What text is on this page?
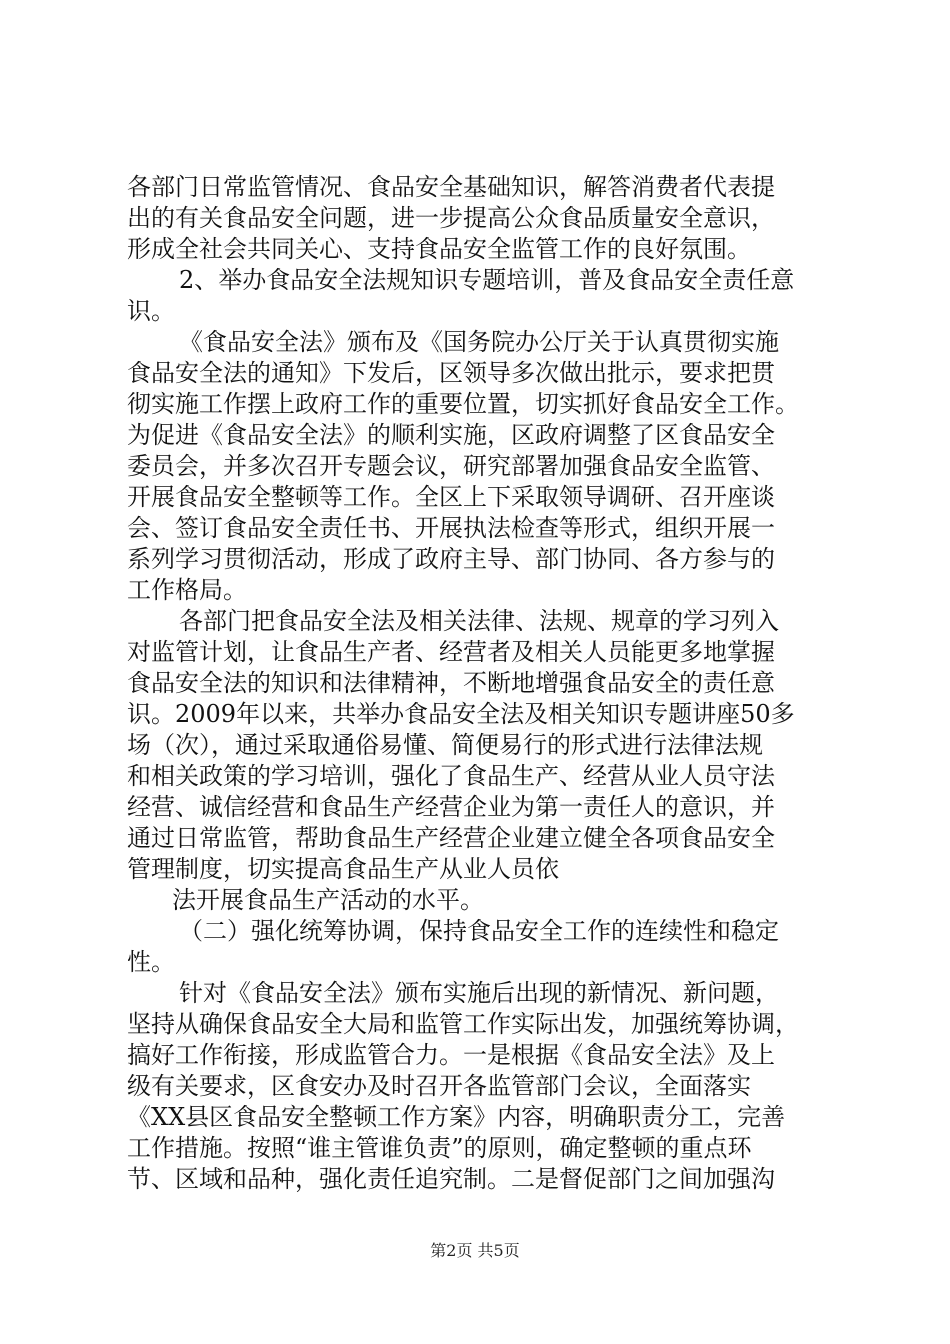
各部门日常监管情况、食品安全基础知识，解答消费者代表提
出的有关食品安全问题，进一步提高公众食品质量安全意识，
形成全社会共同关心、支持食品安全监管工作的良好氛围。
2、举办食品安全法规知识专题培训，普及食品安全责任意
识。
《食品安全法》颁布及《国务院办公厅关于认真贯彻实施
食品安全法的通知》下发后，区领导多次做出批示，要求把贯
彻实施工作摆上政府工作的重要位置，切实抓好食品安全工作。
为促进《食品安全法》的顺利实施，区政府调整了区食品安全
委员会，并多次召开专题会议，研究部署加强食品安全监管、
开展食品安全整顿等工作。全区上下采取领导调研、召开座谈
会、签订食品安全责任书、开展执法检查等形式，组织开展一
系列学习贯彻活动，形成了政府主导、部门协同、各方参与的
工作格局。
各部门把食品安全法及相关法律、法规、规章的学习列入
对监管计划，让食品生产者、经营者及相关人员能更多地掌握
食品安全法的知识和法律精神，不断地增强食品安全的责任意
识。2009年以来，共举办食品安全法及相关知识专题讲座50多
场（次），通过采取通俗易懂、简便易行的形式进行法律法规
和相关政策的学习培训，强化了食品生产、经营从业人员守法
经营、诚信经营和食品生产经营企业为第一责任人的意识，并
通过日常监管，帮助食品生产经营企业建立健全各项食品安全
管理制度，切实提高食品生产从业人员依
法开展食品生产活动的水平。
（二）强化统筹协调，保持食品安全工作的连续性和稳定
性。
针对《食品安全法》颁布实施后出现的新情况、新问题，
坚持从确保食品安全大局和监管工作实际出发，加强统筹协调，
搞好工作衔接，形成监管合力。一是根据《食品安全法》及上
级有关要求，区食安办及时召开各监管部门会议，全面落实
《XX县区食品安全整顿工作方案》内容，明确职责分工，完善
工作措施。按照“谁主管谁负责”的原则，确定整顿的重点环
节、区域和品种，强化责任追究制。二是督促部门之间加强沟
第2页 共5页
